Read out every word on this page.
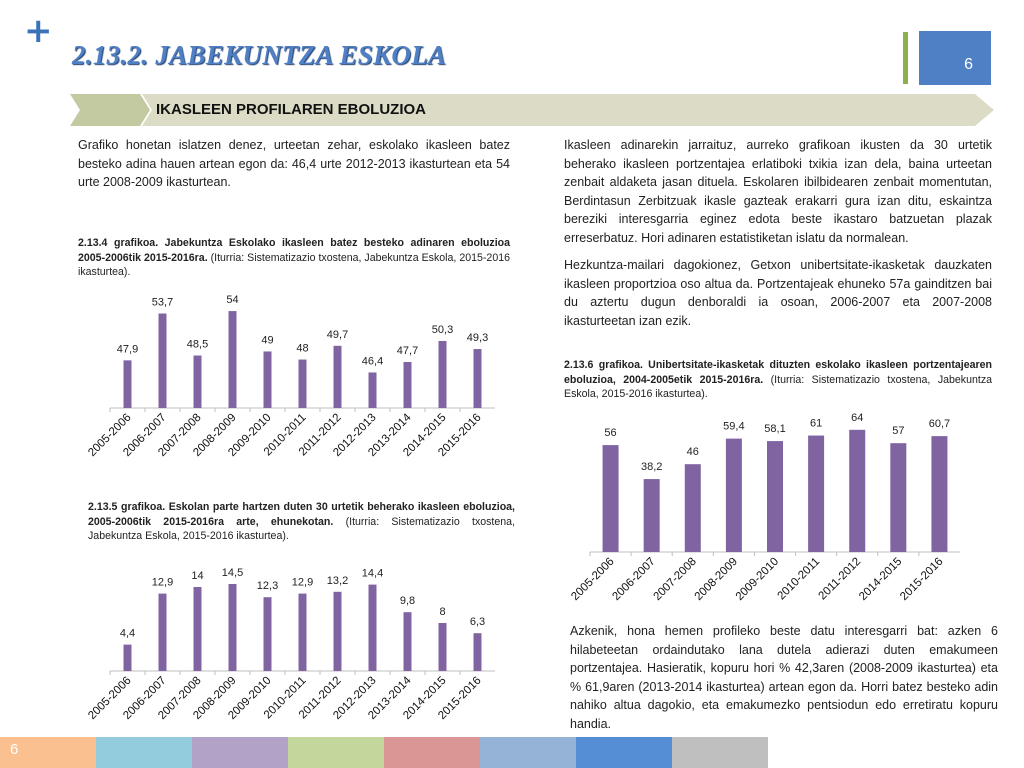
+
2.13.2. JABEKUNTZA ESKOLA	6
IKASLEEN PROFILAREN EBOLUZIOA
Grafiko honetan islatzen denez, urteetan zehar, eskolako ikasleen batez besteko adina hauen artean egon da: 46,4 urte 2012-2013 ikasturtean eta 54 urte 2008-2009 ikasturtean.
2.13.4 grafikoa. Jabekuntza Eskolako ikasleen batez besteko adinaren eboluzioa 2005-2006tik 2015-2016ra. (Iturria: Sistematizazio txostena, Jabekuntza Eskola, 2015-2016 ikasturtea).
47,9
2005-2006
53,7
2006-2007
48,5
2007-2008
54
2008-2009
49
2009-2010
48
2010-2011
49,7
2011-2012
46,4
2012-2013
47,7
2013-2014
50,3
2014-2015
49,3
2015-2016
2.13.5 grafikoa. Eskolan parte hartzen duten 30 urtetik beherako ikasleen eboluzioa, 2005-2006tik 2015-2016ra arte, ehunekotan. (Iturria: Sistematizazio txostena, Jabekuntza Eskola, 2015-2016 ikasturtea).
4,4
2005-2006
12,9
2006-2007
14
2007-2008
14,5
2008-2009
12,3
2009-2010
12,9
2010-2011
13,2
2011-2012
14,4
2012-2013
9,8
2013-2014
8
2014-2015
6,3
2015-2016
Ikasleen adinarekin jarraituz, aurreko grafikoan ikusten da 30 urtetik beherako ikasleen portzentajea erlatiboki txikia izan dela, baina urteetan zenbait aldaketa jasan dituela. Eskolaren ibilbidearen zenbait momentutan, Berdintasun Zerbitzuak ikasle gazteak erakarri gura izan ditu, eskaintza bereziki interesgarria eginez edota beste ikastaro batzuetan plazak erreserbatuz. Hori adinaren estatistiketan islatu da normalean.
Hezkuntza-mailari dagokionez, Getxon unibertsitate-ikasketak dauzkaten ikasleen proportzioa oso altua da. Portzentajeak ehuneko 57a gainditzen bai du aztertu dugun denboraldi ia osoan, 2006-2007 eta 2007-2008 ikasturteetan izan ezik.
2.13.6 grafikoa. Unibertsitate-ikasketak dituzten eskolako ikasleen portzentajearen eboluzioa, 2004-2005etik 2015-2016ra. (Iturria: Sistematizazio txostena, Jabekuntza Eskola, 2015-2016 ikasturtea).
56
2005-2006
38,2
2006-2007
46
2007-2008
59,4
2008-2009
58,1
2009-2010
61
2010-2011
64
2011-2012
57
2014-2015
60,7
2015-2016
Azkenik, hona hemen profileko beste datu interesgarri bat: azken 6 hilabeteetan ordaindutako lana dutela adierazi duten emakumeen portzentajea. Hasieratik, kopuru hori % 42,3aren (2008-2009 ikasturtea) eta % 61,9aren (2013-2014 ikasturtea) artean egon da. Horri batez besteko adin nahiko altua dagokio, eta emakumezko pentsiodun edo erretiratu kopuru handia.
6
